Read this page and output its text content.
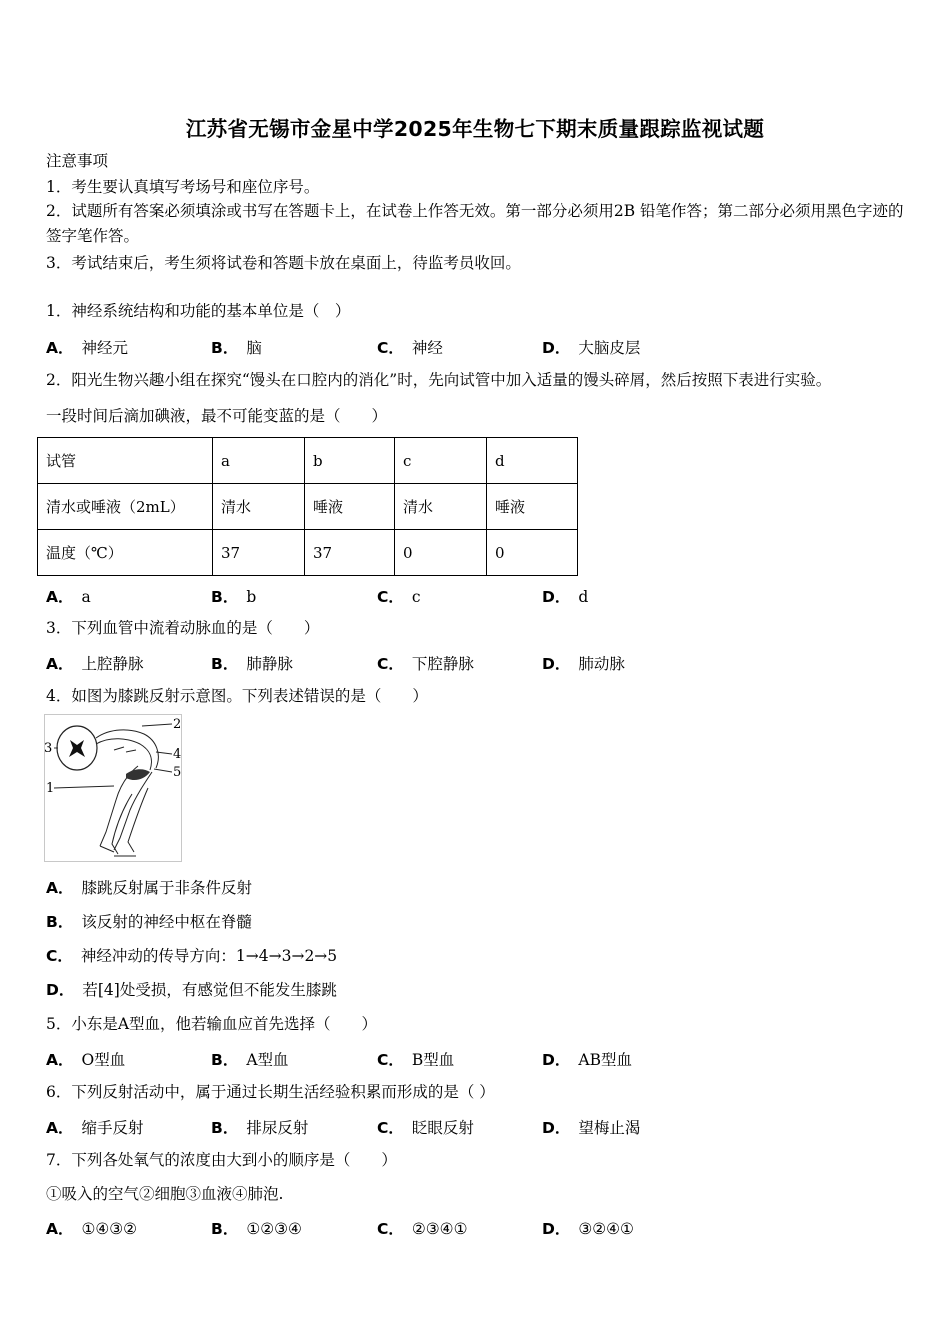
江苏省无锡市金星中学2025年生物七下期末质量跟踪监视试题
注意事项
1．考生要认真填写考场号和座位序号。
2．试题所有答案必须填涂或书写在答题卡上，在试卷上作答无效。第一部分必须用2B 铅笔作答；第二部分必须用黑色字迹的签字笔作答。
3．考试结束后，考生须将试卷和答题卡放在桌面上，待监考员收回。
1．神经系统结构和功能的基本单位是（　）
A． 神经元	B． 脑	C． 神经	D． 大脑皮层
2．阳光生物兴趣小组在探究“馒头在口腔内的消化”时，先向试管中加入适量的馒头碎屑，然后按照下表进行实验。
一段时间后滴加碘液，最不可能变蓝的是（　　）
试管	a	b	c	d
清水或唾液（2mL）	清水	唾液	清水	唾液
温度（℃）	37	37	0	0
A． a	B． b	C． c	D． d
3．下列血管中流着动脉血的是（　　）
A． 上腔静脉	B． 肺静脉	C． 下腔静脉	D． 肺动脉
4．如图为膝跳反射示意图。下列表述错误的是（　　）
2
3	4
5
1
A． 膝跳反射属于非条件反射
B． 该反射的神经中枢在脊髓
C． 神经冲动的传导方向：1→4→3→2→5
D． 若[4]处受损，有感觉但不能发生膝跳
5．小东是A型血，他若输血应首先选择（　　）
A． O型血	B． A型血	C． B型血	D． AB型血
6．下列反射活动中，属于通过长期生活经验积累而形成的是（ ）
A． 缩手反射	B． 排尿反射	C． 眨眼反射	D． 望梅止渴
7．下列各处氧气的浓度由大到小的顺序是（　　）
①吸入的空气②细胞③血液④肺泡.
A． ①④③②	B． ①②③④	C． ②③④①	D． ③②④①
